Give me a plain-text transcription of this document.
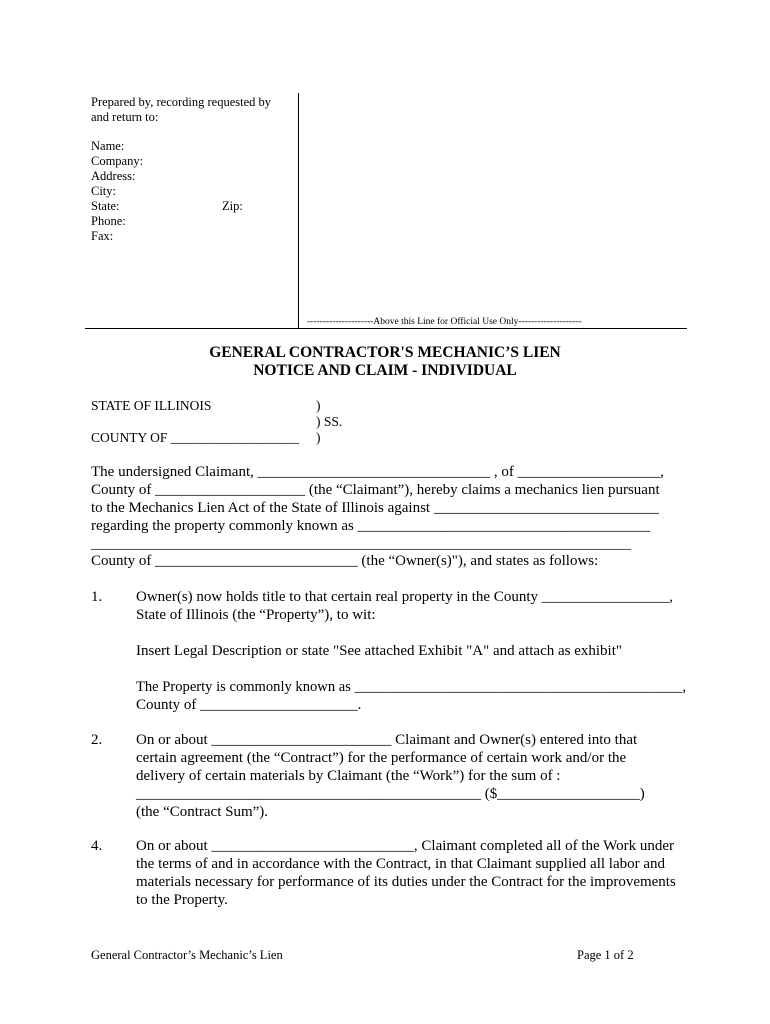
Prepared by, recording requested by
and return to:
Name:
Company:
Address:
City:
State:	Zip:
Phone:
Fax:
---------------------Above this Line for Official Use Only--------------------
GENERAL CONTRACTOR'S MECHANIC’S LIEN
NOTICE AND CLAIM - INDIVIDUAL
STATE OF ILLINOIS
COUNTY OF ___________________
)
) SS.
)
The undersigned Claimant, _______________________________ , of ___________________,
County of ____________________ (the “Claimant”), hereby claims a mechanics lien pursuant
to the Mechanics Lien Act of the State of Illinois against ______________________________
regarding the property commonly known as _______________________________________
________________________________________________________________________________
County of ___________________________ (the “Owner(s)"), and states as follows:
1. Owner(s) now holds title to that certain real property in the County _________________,
State of Illinois (the “Property”), to wit:
Insert Legal Description or state "See attached Exhibit "A" and attach as exhibit"
The Property is commonly known as _____________________________________________,
County of _____________________.
2. On or about ________________________ Claimant and Owner(s) entered into that
certain agreement (the “Contract”) for the performance of certain work and/or the
delivery of certain materials by Claimant (the “Work”) for the sum of :
______________________________________________ ($___________________)
(the “Contract Sum”).
4. On or about ___________________________, Claimant completed all of the Work under
the terms of and in accordance with the Contract, in that Claimant supplied all labor and
materials necessary for performance of its duties under the Contract for the improvements
to the Property.
General Contractor’s Mechanic’s Lien	Page 1 of 2
